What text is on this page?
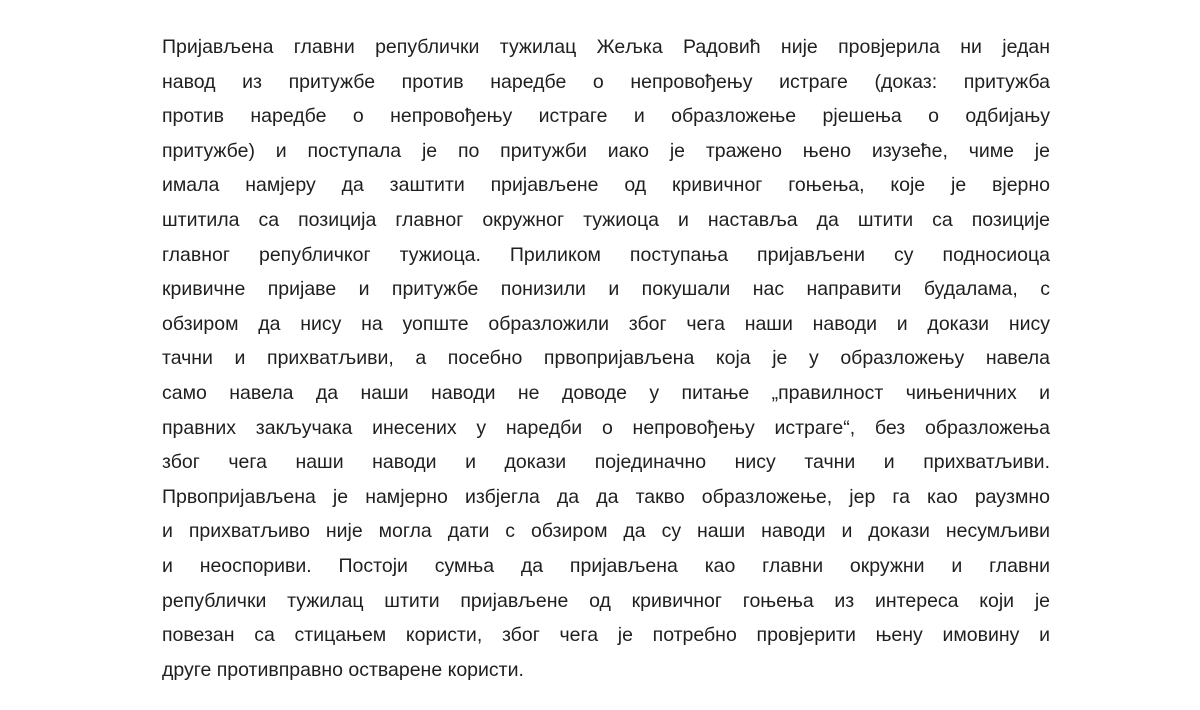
Пријављена главни републички тужилац Жељка Радовић није провјерила ни један
навод из притужбе против наредбе о непровођењу истраге (доказ: притужба
против наредбе о непровођењу истраге и образложење рјешења о одбијању
притужбе) и поступала је по притужби иако је тражено њено изузеће, чиме је
имала намјеру да заштити пријављене од кривичног гоњења, које је вјерно
штитила са позиција главног окружног тужиоца и наставља да штити са позиције
главног републичког тужиоца. Приликом поступања пријављени су подносиоца
кривичне пријаве и притужбе понизили и покушали нас направити будалама, с
обзиром да нису на уопште образложили због чега наши наводи и докази нису
тачни и прихватљиви, а посебно првопријављена која је у образложењу навела
само навела да наши наводи не доводе у питање „правилност чињеничних и
правних закључака инесених у наредби о непровођењу истраге“, без образложења
због чега наши наводи и докази појединачно нису тачни и прихватљиви.
Првопријављена је намјерно избјегла да да такво образложење, јер га као раузмно
и прихватљиво није могла дати с обзиром да су наши наводи и докази несумљиви
и неоспориви. Постоји сумња да пријављена као главни окружни и главни
републички тужилац штити пријављене од кривичног гоњења из интереса који је
повезан са стицањем користи, због чега је потребно провјерити њену имовину и
друге противправно остварене користи.
